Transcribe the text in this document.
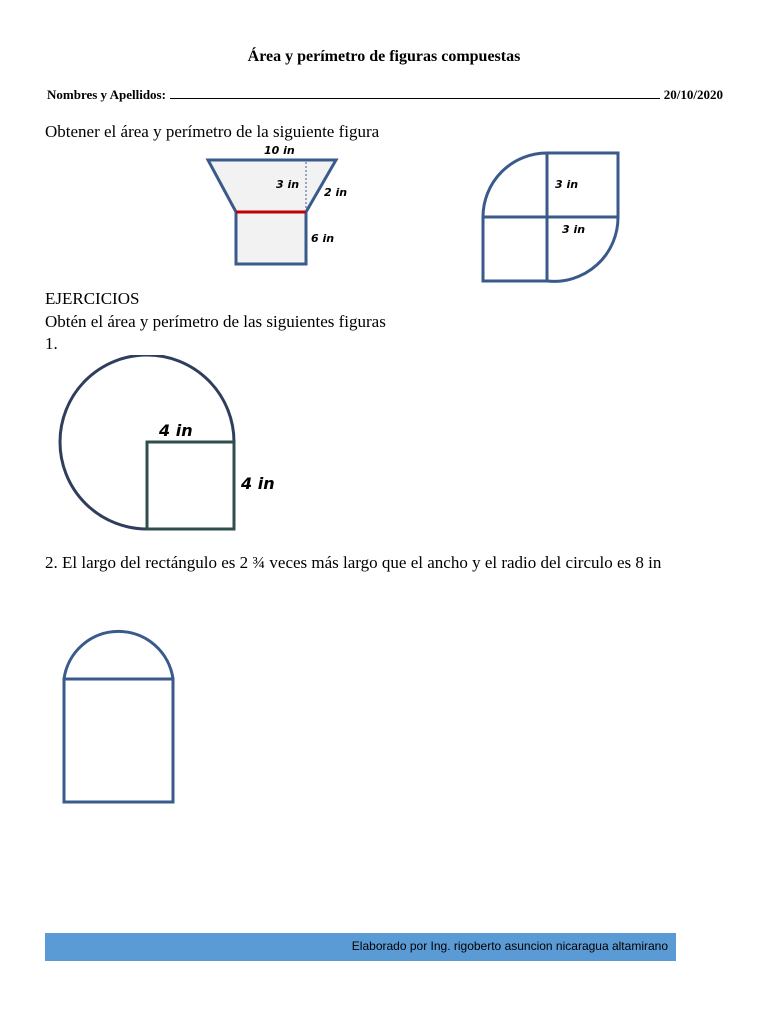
Área y perímetro de figuras compuestas
Nombres y Apellidos:	20/10/2020
Obtener el área y perímetro de la siguiente figura
10 in
3 in
2 in
6 in
3 in
3 in
EJERCICIOS
Obtén el área y perímetro de las siguientes figuras
1.
4 in
4 in
2. El largo del rectángulo es 2 ¾ veces más largo que el ancho y el radio del circulo es 8 in
Elaborado por Ing. rigoberto asuncion nicaragua altamirano
